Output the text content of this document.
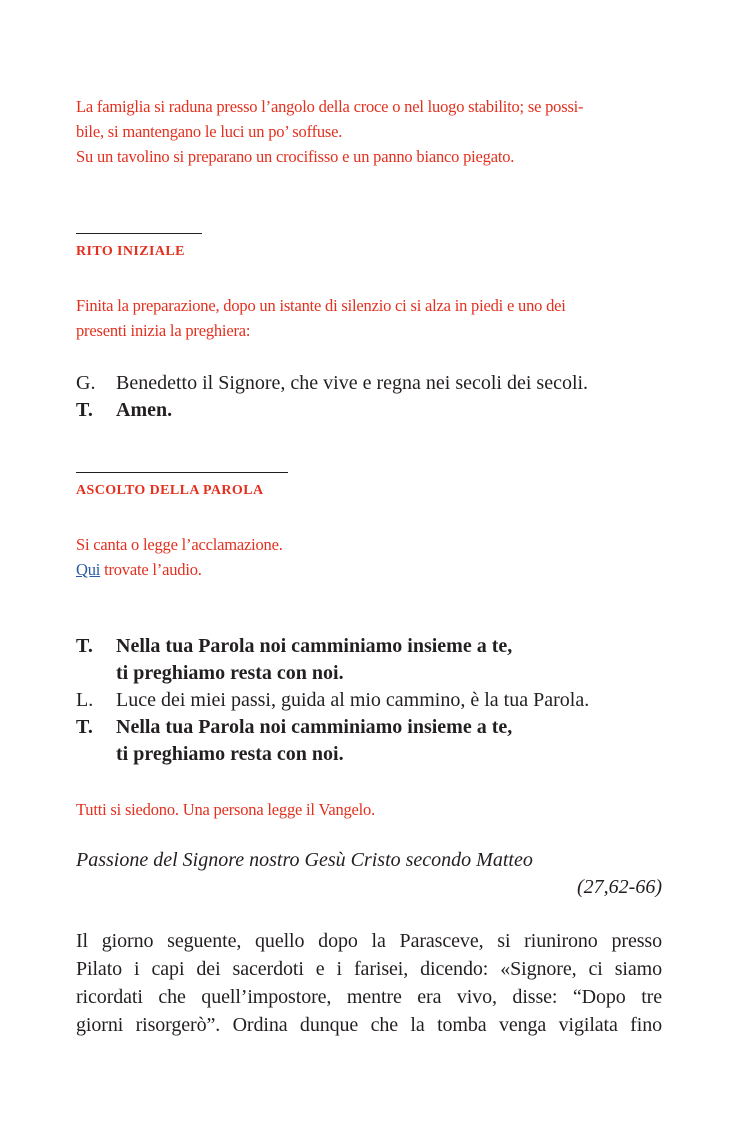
La famiglia si raduna presso l’angolo della croce o nel luogo stabilito; se possi-
bile, si mantengano le luci un po’ soffuse.
Su un tavolino si preparano un crocifisso e un panno bianco piegato.
RITO INIZIALE
Finita la preparazione, dopo un istante di silenzio ci si alza in piedi e uno dei
presenti inizia la preghiera:
G. Benedetto il Signore, che vive e regna nei secoli dei secoli.
T. Amen.
ASCOLTO DELLA PAROLA
Si canta o legge l’acclamazione.
Qui trovate l’audio.
T. Nella tua Parola noi camminiamo insieme a te,
ti preghiamo resta con noi.
L. Luce dei miei passi, guida al mio cammino, è la tua Parola.
T. Nella tua Parola noi camminiamo insieme a te,
ti preghiamo resta con noi.
Tutti si siedono. Una persona legge il Vangelo.
Passione del Signore nostro Gesù Cristo secondo Matteo
(27,62-66)
Il giorno seguente, quello dopo la Parasceve, si riunirono presso
Pilato i capi dei sacerdoti e i farisei, dicendo: «Signore, ci siamo
ricordati che quell’impostore, mentre era vivo, disse: “Dopo tre
giorni risorgerò”. Ordina dunque che la tomba venga vigilata fino
